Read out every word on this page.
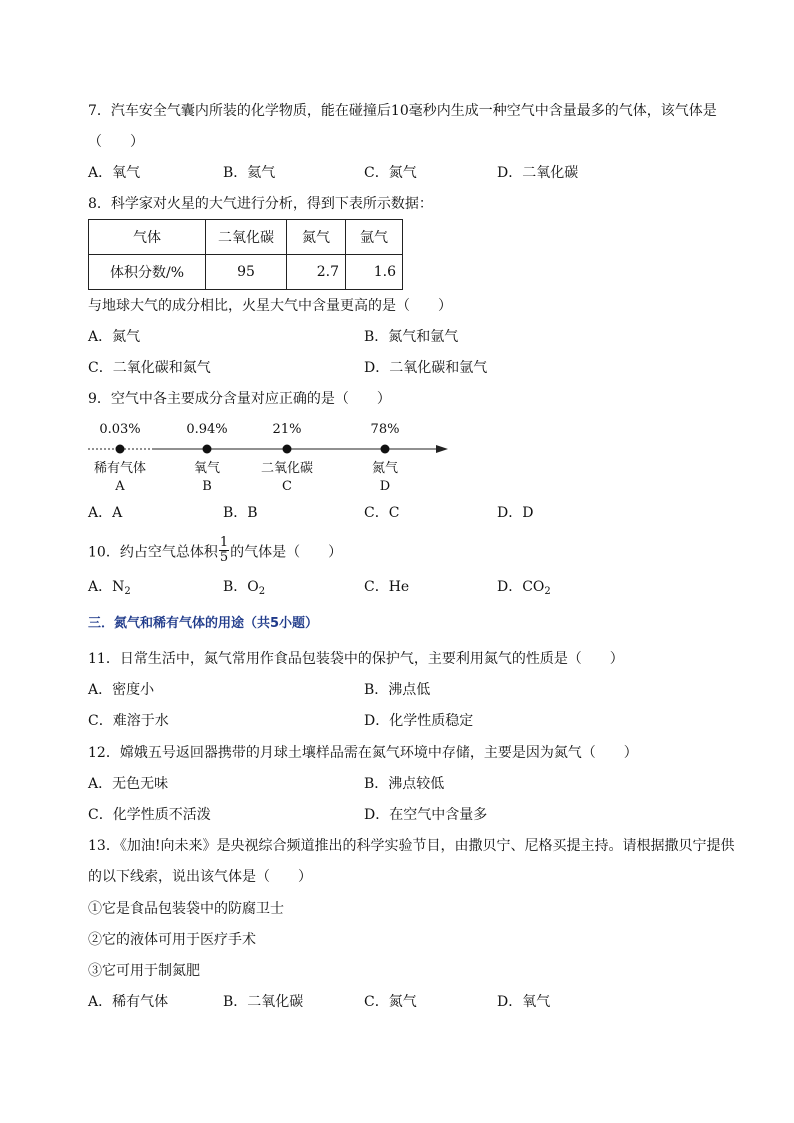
7．汽车安全气囊内所装的化学物质，能在碰撞后10毫秒内生成一种空气中含量最多的气体，该气体是
（　　）
A．氧气	B．氦气	C．氮气	D．二氧化碳
8．科学家对火星的大气进行分析，得到下表所示数据：
气体	二氧化碳	氮气	氩气
体积分数/%	95	2.7	1.6
与地球大气的成分相比，火星大气中含量更高的是（　　）
A．氮气	B．氮气和氩气
C．二氧化碳和氮气	D．二氧化碳和氩气
9．空气中各主要成分含量对应正确的是（　　）
0.03%	0.94%	21%	78%
稀有气体	氧气	二氧化碳	氮气
A	B	C	D
A．A	B．B	C．C	D．D
10．约占空气总体积 $\frac{1}{5}$ 的气体是（　　）
A．$N_2$	B．$O_2$	C．He	D．$CO_2$
三．氮气和稀有气体的用途（共5小题）
11．日常生活中，氮气常用作食品包装袋中的保护气，主要利用氮气的性质是（　　）
A．密度小	B．沸点低
C．难溶于水	D．化学性质稳定
12．嫦娥五号返回器携带的月球土壤样品需在氮气环境中存储，主要是因为氮气（　　）
A．无色无味	B．沸点较低
C．化学性质不活泼	D．在空气中含量多
13．《加油!向未来》是央视综合频道推出的科学实验节目，由撒贝宁、尼格买提主持。请根据撒贝宁提供
的以下线索，说出该气体是（　　）
①它是食品包装袋中的防腐卫士
②它的液体可用于医疗手术
③它可用于制氮肥
A．稀有气体	B．二氧化碳	C．氮气	D．氧气
